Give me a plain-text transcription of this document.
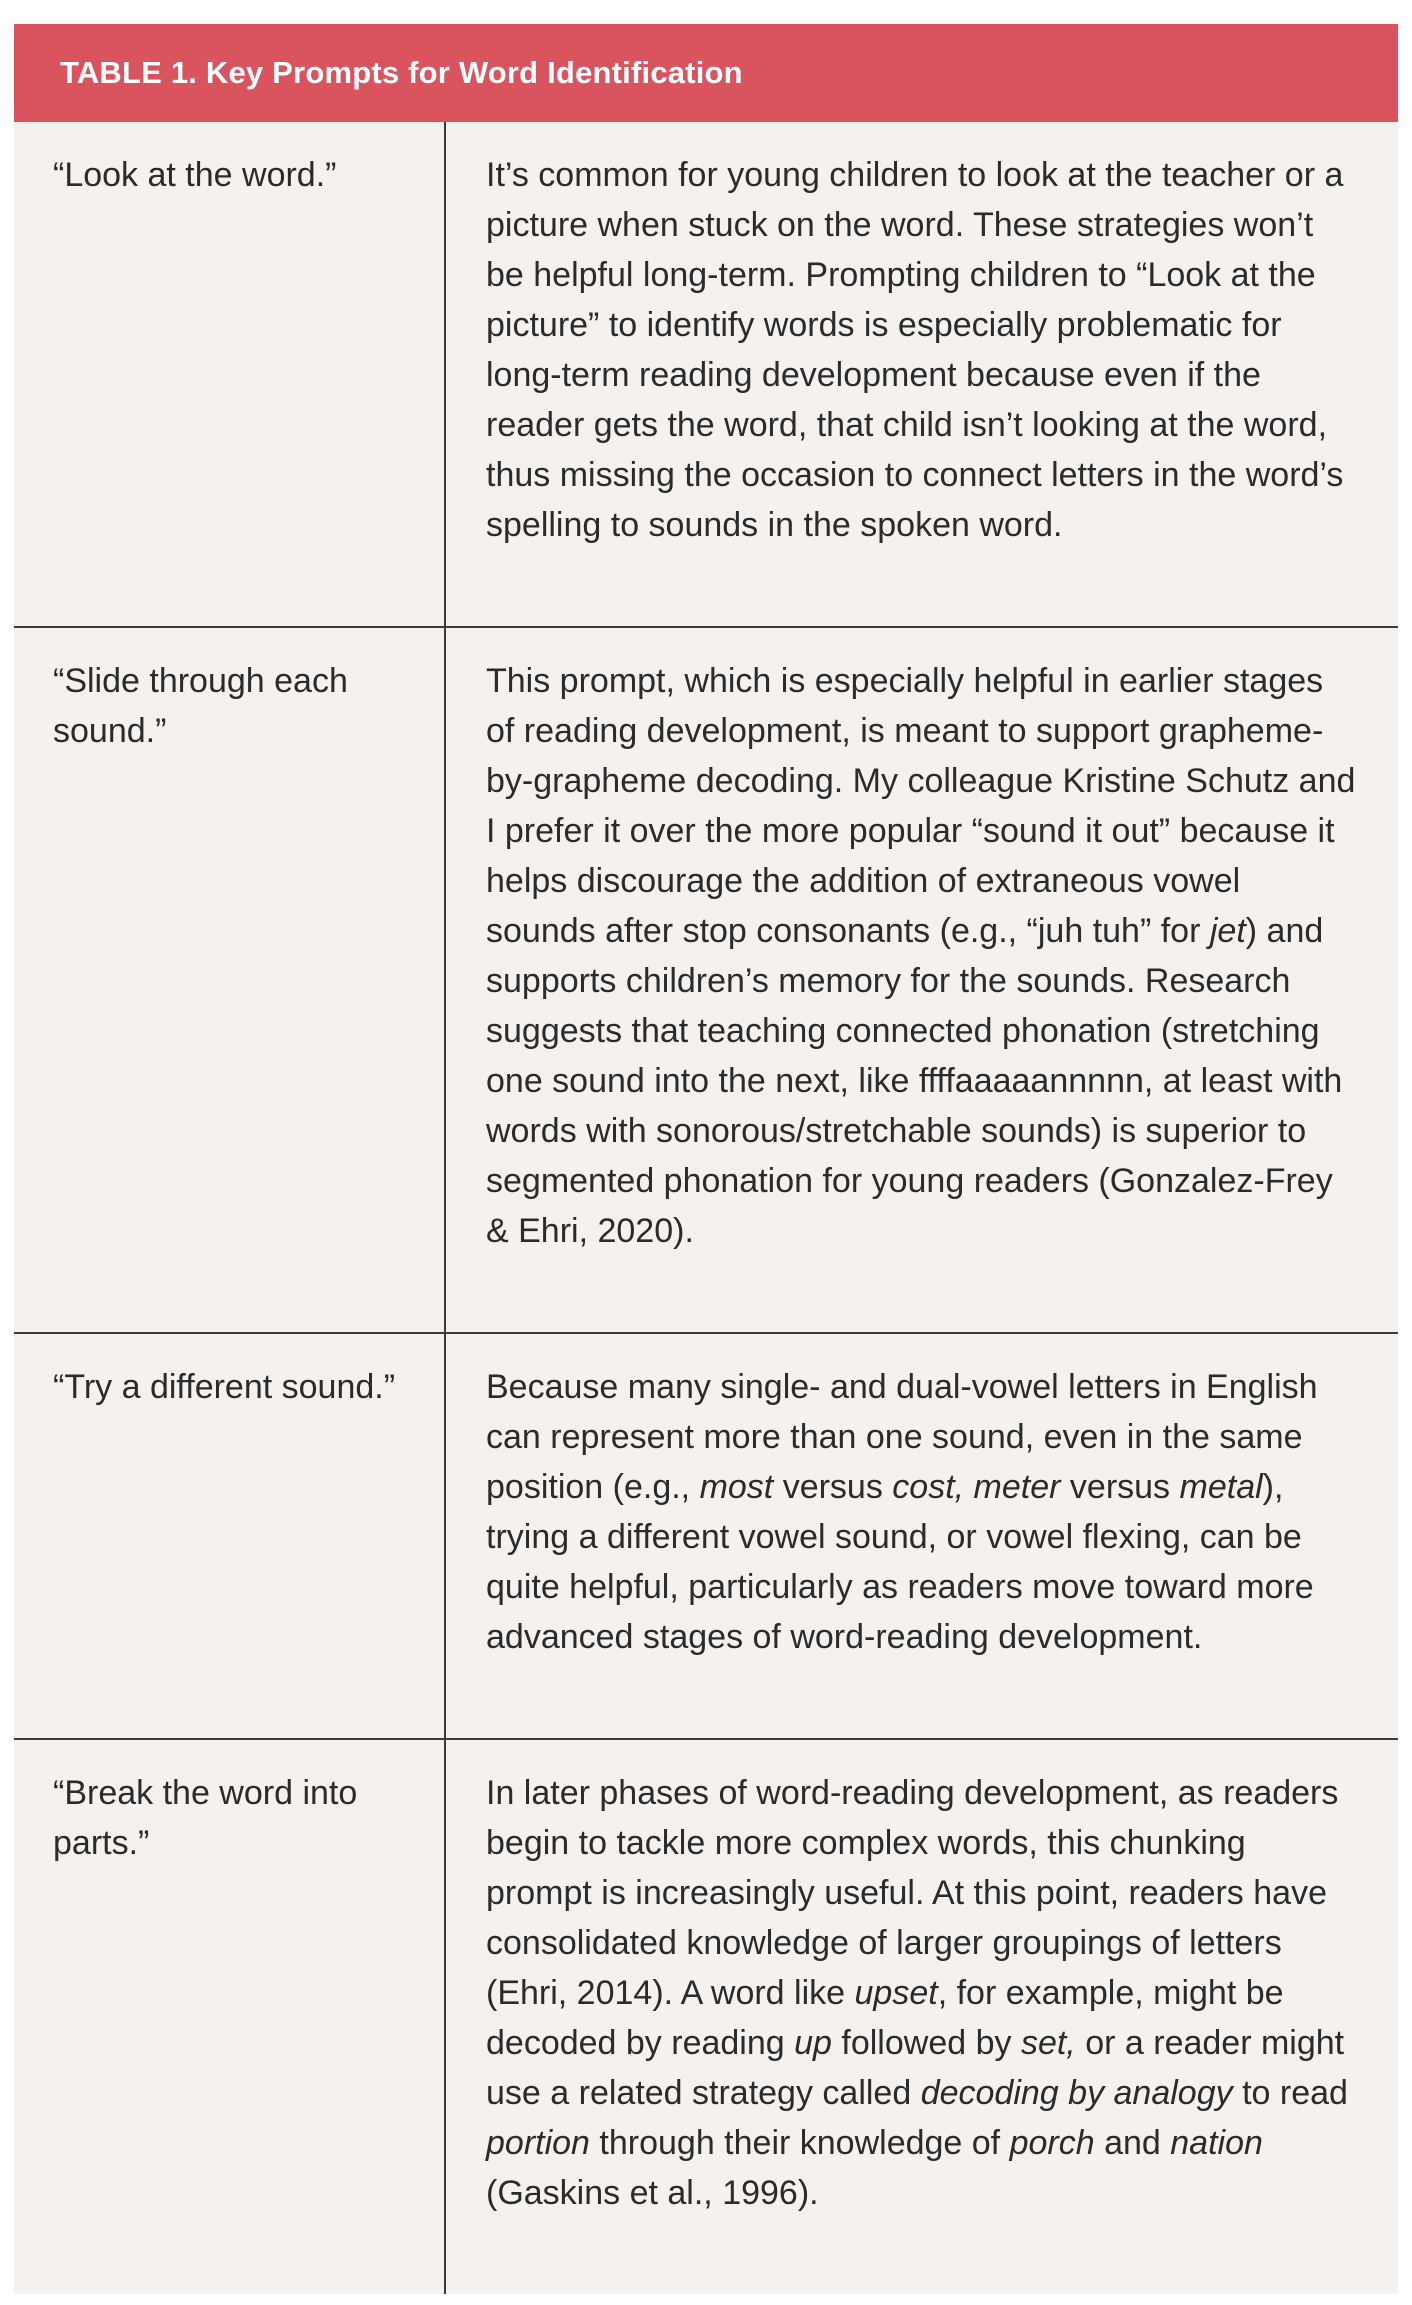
TABLE 1. Key Prompts for Word Identification
“Look at the word.”	It’s common for young children to look at the teacher or a picture when stuck on the word. These strategies won’t be helpful long-term. Prompting children to “Look at the picture” to identify words is especially problematic for long-term reading development because even if the reader gets the word, that child isn’t looking at the word, thus missing the occasion to connect letters in the word’s spelling to sounds in the spoken word.
“Slide through each sound.”
This prompt, which is especially helpful in earlier stages of reading development, is meant to support grapheme-by-grapheme decoding. My colleague Kristine Schutz and I prefer it over the more popular “sound it out” because it helps discourage the addition of extraneous vowel sounds after stop consonants (e.g., “juh tuh” for jet) and supports children’s memory for the sounds. Research suggests that teaching connected phonation (stretching one sound into the next, like ffffaaaaannnnn, at least with words with sonorous/stretchable sounds) is superior to segmented phonation for young readers (Gonzalez-Frey & Ehri, 2020).
“Try a different sound.”	Because many single- and dual-vowel letters in English can represent more than one sound, even in the same position (e.g., most versus cost, meter versus metal), trying a different vowel sound, or vowel flexing, can be quite helpful, particularly as readers move toward more advanced stages of word-reading development.
“Break the word into parts.”
In later phases of word-reading development, as readers begin to tackle more complex words, this chunking prompt is increasingly useful. At this point, readers have consolidated knowledge of larger groupings of letters (Ehri, 2014). A word like upset, for example, might be decoded by reading up followed by set, or a reader might use a related strategy called decoding by analogy to read portion through their knowledge of porch and nation (Gaskins et al., 1996).
